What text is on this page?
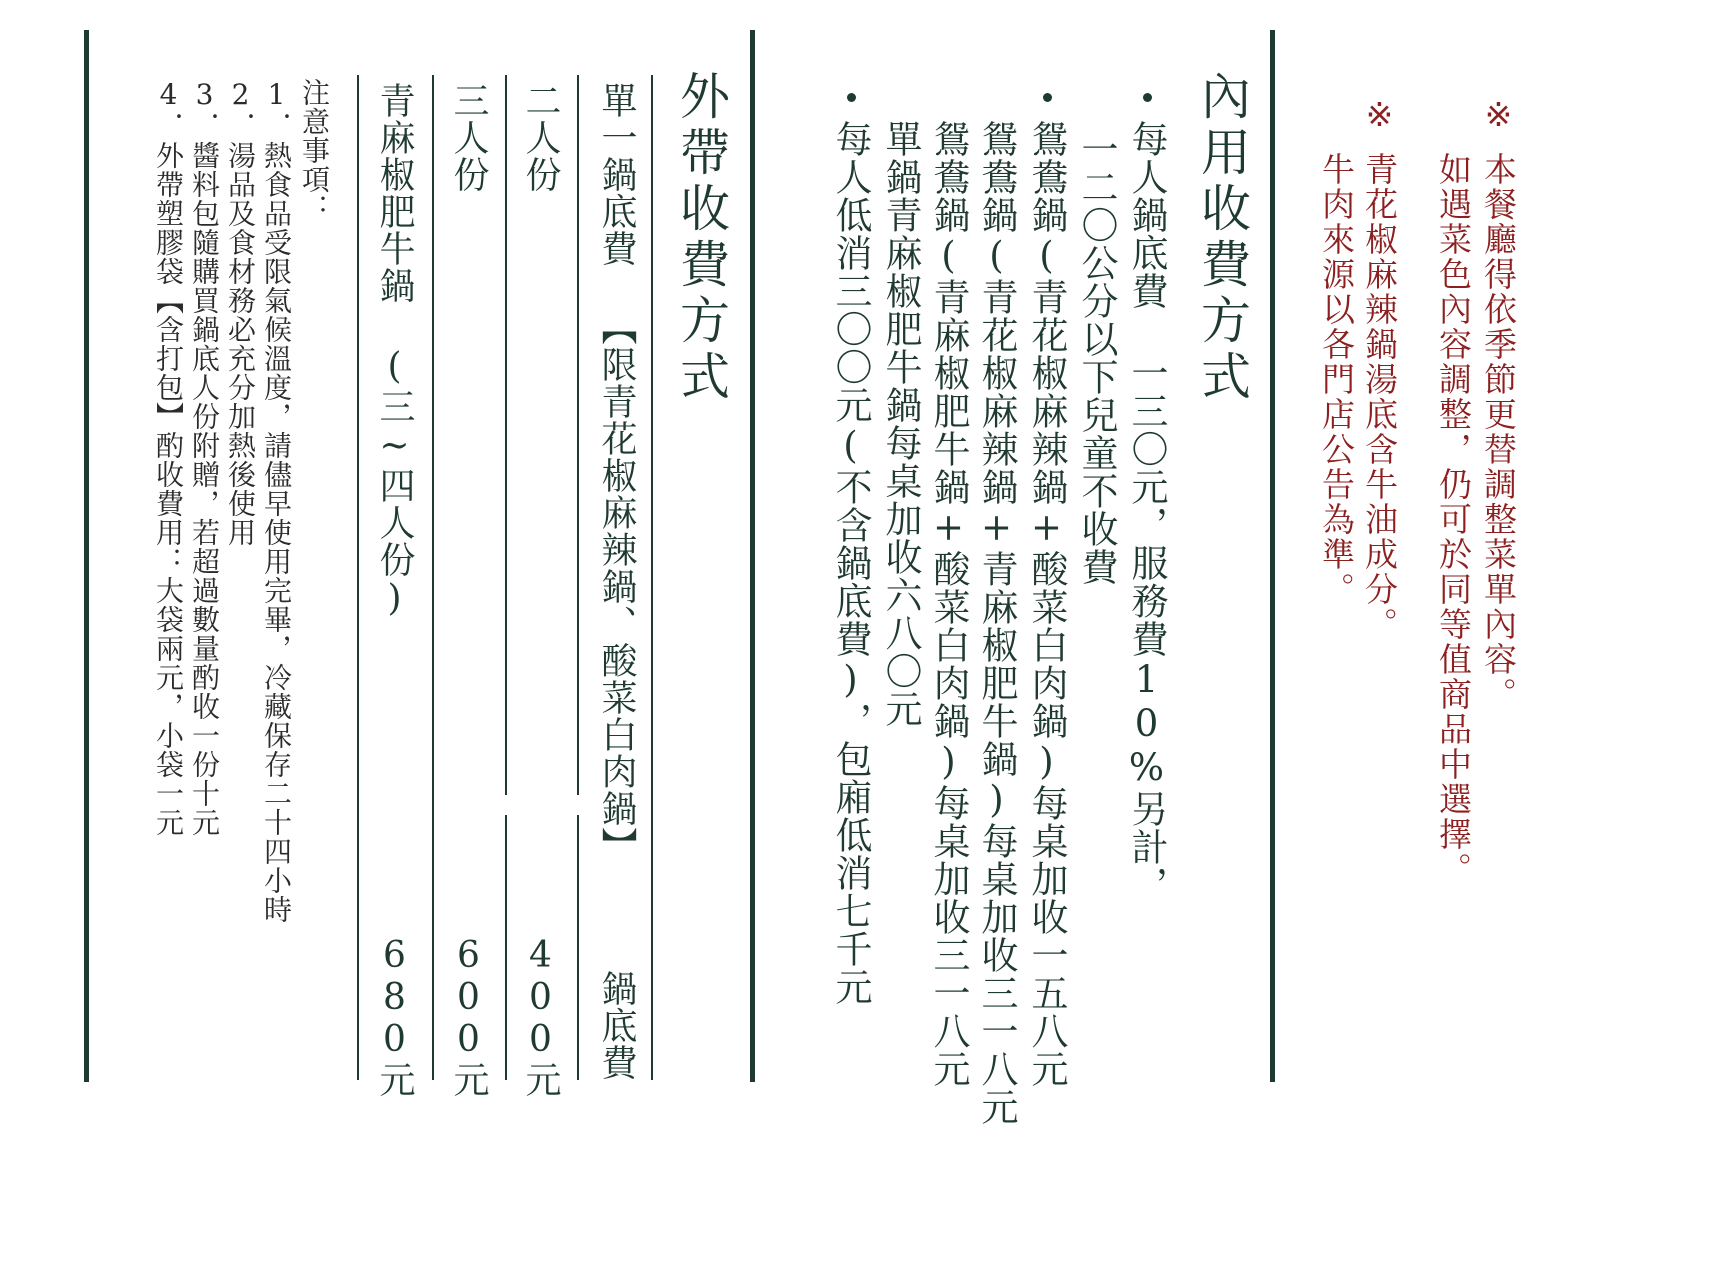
※
本餐廳得依季節更替調整菜單內容。
如遇菜色內容調整，仍可於同等值商品中選擇。
※
青花椒麻辣鍋湯底含牛油成分。
牛肉來源以各門店公告為準。
內用收費方式
每人鍋底費 一三〇元，服務費10%另計，
一二〇公分以下兒童不收費
鴛鴦鍋(青花椒麻辣鍋+酸菜白肉鍋)每桌加收一五八元
鴛鴦鍋(青花椒麻辣鍋+青麻椒肥牛鍋)每桌加收三一八元
鴛鴦鍋(青麻椒肥牛鍋+酸菜白肉鍋)每桌加收三一八元
單鍋青麻椒肥牛鍋每桌加收六八〇元
每人低消三〇〇元(不含鍋底費)，包廂低消七千元
外帶收費方式
單一鍋底費 【限青花椒麻辣鍋、酸菜白肉鍋】
鍋底費
二人份
400元
三人份
600元
青麻椒肥牛鍋 (三~四人份)
680元
注意事項：
1．熱食品受限氣候溫度，請儘早使用完畢，冷藏保存二十四小時
2．湯品及食材務必充分加熱後使用
3．醬料包隨購買鍋底人份附贈，若超過數量酌收一份十元
4．外帶塑膠袋【含打包】酌收費用：大袋兩元，小袋一元
